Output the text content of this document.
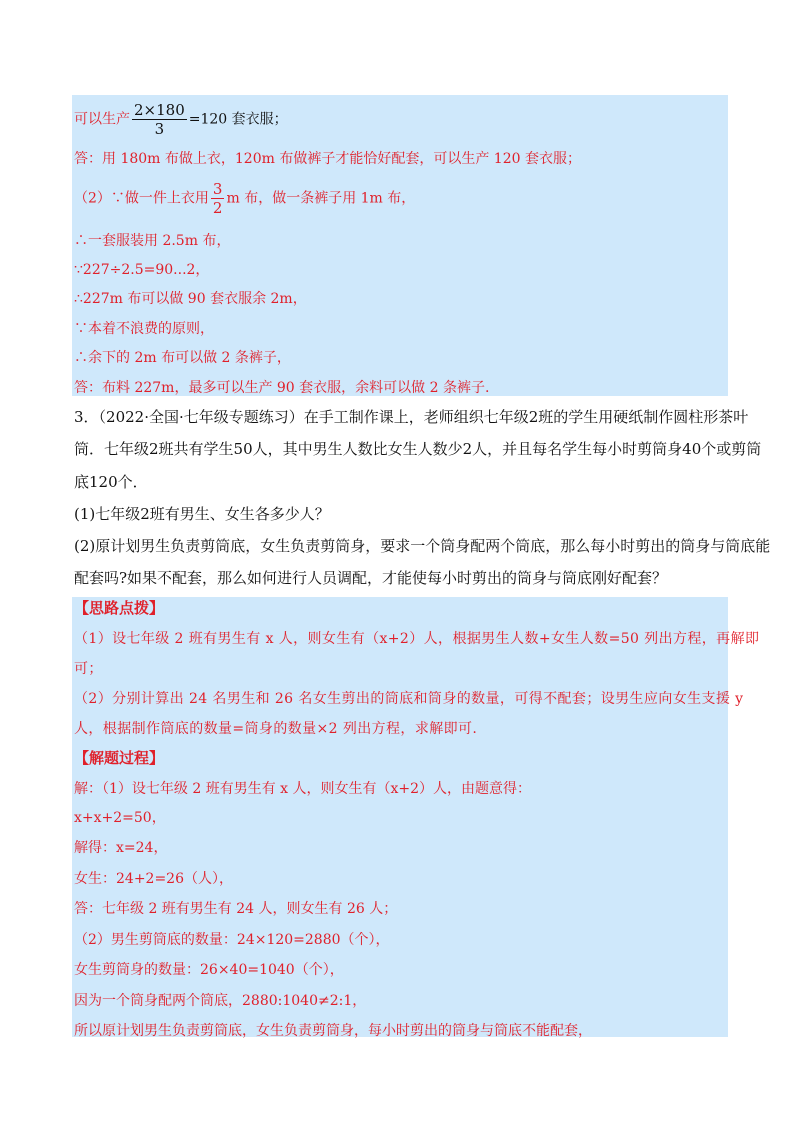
可以生产 $\frac{2\times 180}{3} =120$ 套衣服；
答：用 180m 布做上衣，120m 布做裤子才能恰好配套，可以生产 120 套衣服；
（2）∵做一件上衣用 $\frac{3}{2}$ m 布，做一条裤子用 1m 布，
∴一套服装用 2.5m 布，
∵227÷2.5=90...2，
∴227m 布可以做 90 套衣服余 2m，
∵本着不浪费的原则，
∴余下的 2m 布可以做 2 条裤子，
答：布料 227m，最多可以生产 90 套衣服，余料可以做 2 条裤子.
3．（2022·全国·七年级专题练习）在手工制作课上，老师组织七年级2班的学生用硬纸制作圆柱形茶叶
筒．七年级2班共有学生50人，其中男生人数比女生人数少2人，并且每名学生每小时剪筒身40个或剪筒
底120个．
(1)七年级2班有男生、女生各多少人？
(2)原计划男生负责剪筒底，女生负责剪筒身，要求一个筒身配两个筒底，那么每小时剪出的筒身与筒底能
配套吗?如果不配套，那么如何进行人员调配，才能使每小时剪出的筒身与筒底刚好配套？
【思路点拨】
（1）设七年级 2 班有男生有 x 人，则女生有（x+2）人，根据男生人数+女生人数=50 列出方程，再解即
可；
（2）分别计算出 24 名男生和 26 名女生剪出的筒底和筒身的数量，可得不配套；设男生应向女生支援 y
人，根据制作筒底的数量=筒身的数量×2 列出方程，求解即可.
【解题过程】
解：（1）设七年级 2 班有男生有 x 人，则女生有（x+2）人，由题意得：
x+x+2=50，
解得：x=24，
女生：24+2=26（人），
答：七年级 2 班有男生有 24 人，则女生有 26 人；
（2）男生剪筒底的数量：24×120=2880（个），
女生剪筒身的数量：26×40=1040（个），
因为一个筒身配两个筒底，2880:1040≠2:1，
所以原计划男生负责剪筒底，女生负责剪筒身，每小时剪出的筒身与筒底不能配套，
